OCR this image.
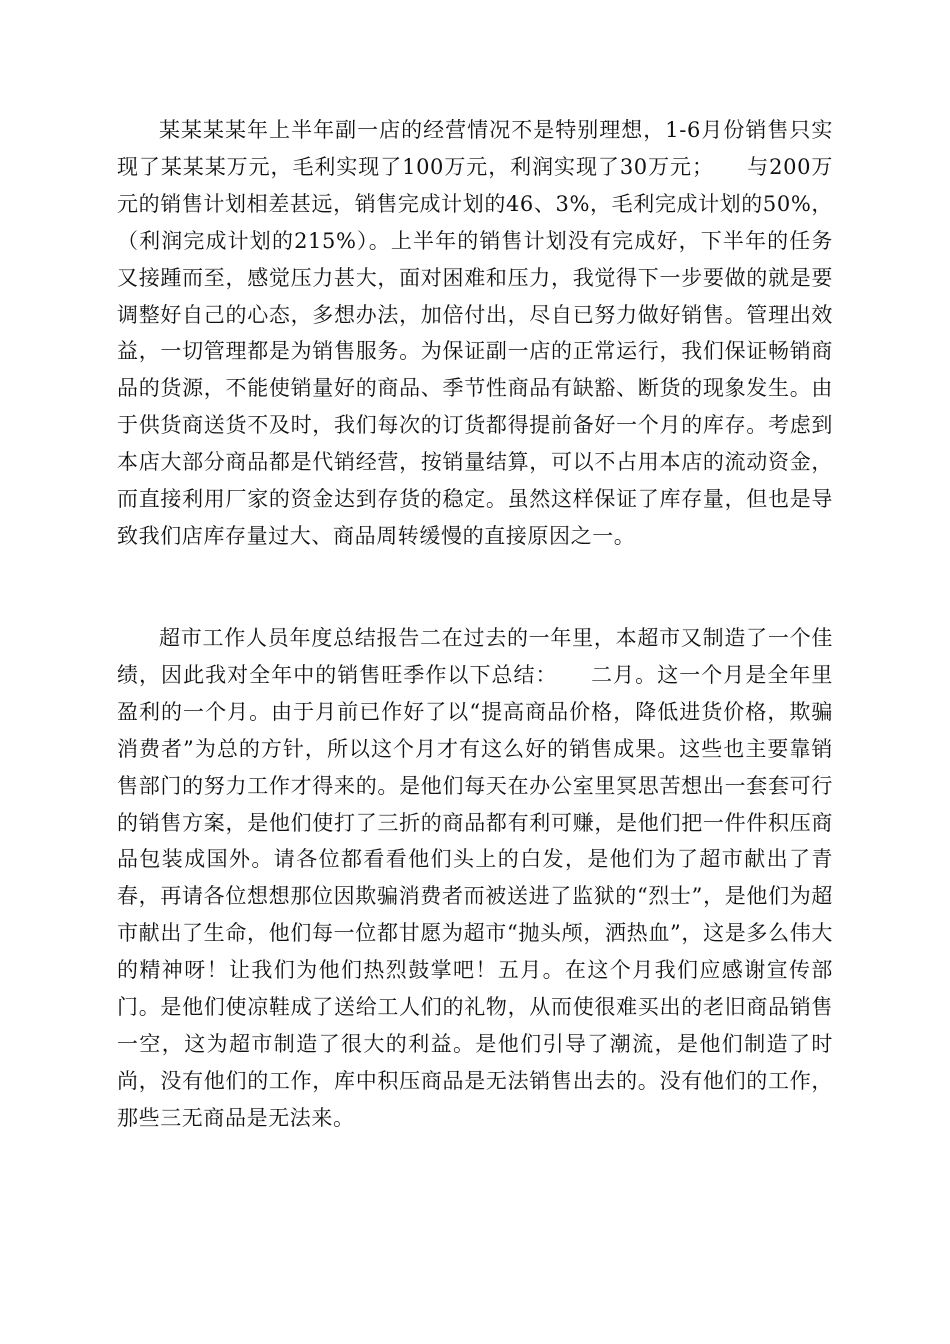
某某某某年上半年副一店的经营情况不是特别理想，1-6月份销售只实现了某某某万元，毛利实现了100万元，利润实现了30万元；　　与200万元的销售计划相差甚远，销售完成计划的46、3%，毛利完成计划的50%，（利润完成计划的215%）。上半年的销售计划没有完成好，下半年的任务又接踵而至，感觉压力甚大，面对困难和压力，我觉得下一步要做的就是要调整好自己的心态，多想办法，加倍付出，尽自已努力做好销售。管理出效益，一切管理都是为销售服务。为保证副一店的正常运行，我们保证畅销商品的货源，不能使销量好的商品、季节性商品有缺豁、断货的现象发生。由于供货商送货不及时，我们每次的订货都得提前备好一个月的库存。考虑到本店大部分商品都是代销经营，按销量结算，可以不占用本店的流动资金，而直接利用厂家的资金达到存货的稳定。虽然这样保证了库存量，但也是导致我们店库存量过大、商品周转缓慢的直接原因之一。

超市工作人员年度总结报告二在过去的一年里，本超市又制造了一个佳绩，因此我对全年中的销售旺季作以下总结：　　二月。这一个月是全年里盈利的一个月。由于月前已作好了以“提高商品价格，降低进货价格，欺骗消费者”为总的方针，所以这个月才有这么好的销售成果。这些也主要靠销售部门的努力工作才得来的。是他们每天在办公室里冥思苦想出一套套可行的销售方案，是他们使打了三折的商品都有利可赚，是他们把一件件积压商品包装成国外。请各位都看看他们头上的白发，是他们为了超市献出了青春，再请各位想想那位因欺骗消费者而被送进了监狱的“烈士”，是他们为超市献出了生命，他们每一位都甘愿为超市“抛头颅，洒热血”，这是多么伟大的精神呀！让我们为他们热烈鼓掌吧！五月。在这个月我们应感谢宣传部门。是他们使凉鞋成了送给工人们的礼物，从而使很难买出的老旧商品销售一空，这为超市制造了很大的利益。是他们引导了潮流，是他们制造了时尚，没有他们的工作，库中积压商品是无法销售出去的。没有他们的工作，那些三无商品是无法来。
